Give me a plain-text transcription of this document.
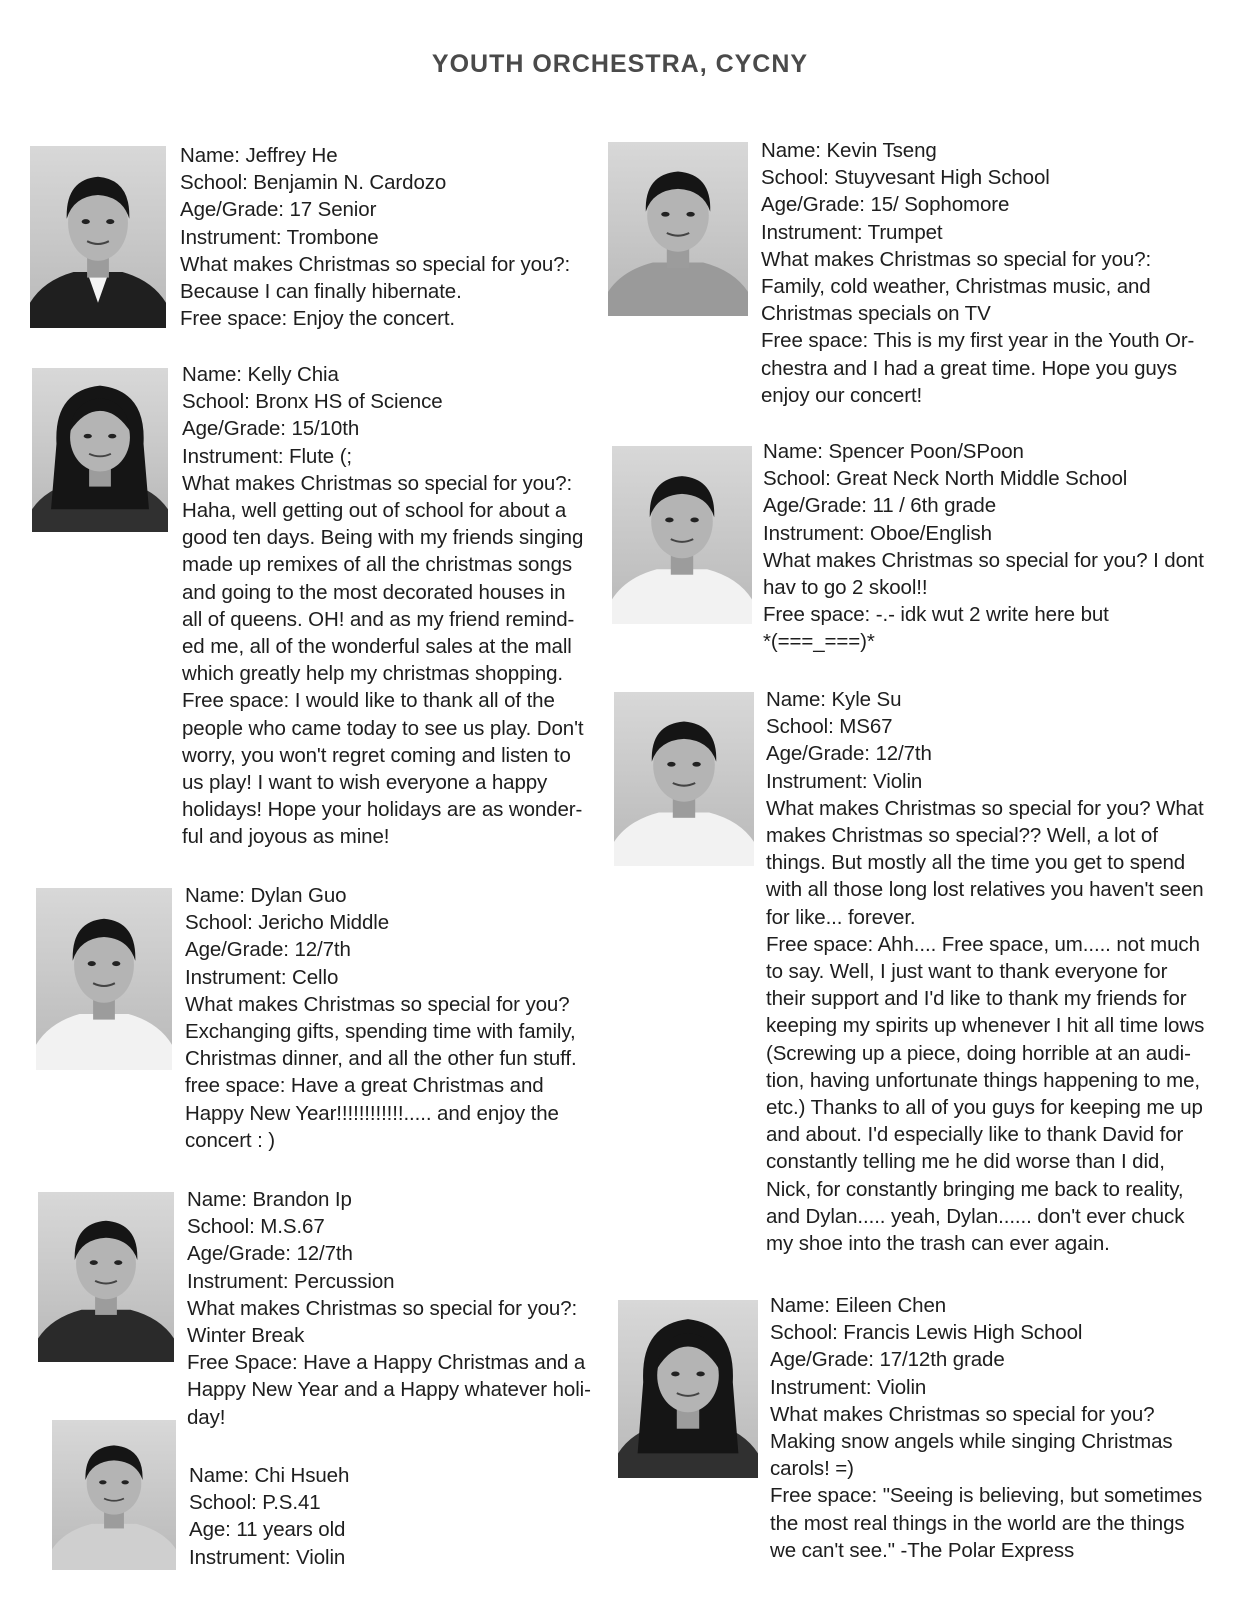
YOUTH ORCHESTRA, CYCNY
Name: Jeffrey He
School: Benjamin N. Cardozo
Age/Grade: 17 Senior
Instrument: Trombone
What makes Christmas so special for you?:
Because I can finally hibernate.
Free space: Enjoy the concert.
Name: Kelly Chia
School: Bronx HS of Science
Age/Grade: 15/10th
Instrument: Flute (;
What makes Christmas so special for you?:
Haha, well getting out of school for about a
good ten days. Being with my friends singing
made up remixes of all the christmas songs
and going to the most decorated houses in
all of queens. OH! and as my friend remind-
ed me, all of the wonderful sales at the mall
which greatly help my christmas shopping.
Free space: I would like to thank all of the
people who came today to see us play. Don't
worry, you won't regret coming and listen to
us play! I want to wish everyone a happy
holidays! Hope your holidays are as wonder-
ful and joyous as mine!
Name: Dylan Guo
School: Jericho Middle
Age/Grade: 12/7th
Instrument: Cello
What makes Christmas so special for you?
Exchanging gifts, spending time with family,
Christmas dinner, and all the other fun stuff.
free space: Have a great Christmas and
Happy New Year!!!!!!!!!!!!..... and enjoy the
concert : )
Name: Brandon Ip
School: M.S.67
Age/Grade: 12/7th
Instrument: Percussion
What makes Christmas so special for you?:
Winter Break
Free Space: Have a Happy Christmas and a
Happy New Year and a Happy whatever holi-
day!
Name: Chi Hsueh
School: P.S.41
Age: 11 years old
Instrument: Violin
Name: Kevin Tseng
School: Stuyvesant High School
Age/Grade: 15/ Sophomore
Instrument: Trumpet
What makes Christmas so special for you?:
Family, cold weather, Christmas music, and
Christmas specials on TV
Free space: This is my first year in the Youth Or-
chestra and I had a great time. Hope you guys
enjoy our concert!
Name: Spencer Poon/SPoon
School: Great Neck North Middle School
Age/Grade: 11 / 6th grade
Instrument: Oboe/English
What makes Christmas so special for you? I dont
hav to go 2 skool!!
Free space: -.- idk wut 2 write here but
*(===_===)*
Name: Kyle Su
School: MS67
Age/Grade: 12/7th
Instrument: Violin
What makes Christmas so special for you? What
makes Christmas so special?? Well, a lot of
things. But mostly all the time you get to spend
with all those long lost relatives you haven't seen
for like... forever.
Free space: Ahh.... Free space, um..... not much
to say. Well, I just want to thank everyone for
their support and I'd like to thank my friends for
keeping my spirits up whenever I hit all time lows
(Screwing up a piece, doing horrible at an audi-
tion, having unfortunate things happening to me,
etc.) Thanks to all of you guys for keeping me up
and about. I'd especially like to thank David for
constantly telling me he did worse than I did,
Nick, for constantly bringing me back to reality,
and Dylan..... yeah, Dylan...... don't ever chuck
my shoe into the trash can ever again.
Name: Eileen Chen
School: Francis Lewis High School
Age/Grade: 17/12th grade
Instrument: Violin
What makes Christmas so special for you?
Making snow angels while singing Christmas
carols! =)
Free space: "Seeing is believing, but sometimes
the most real things in the world are the things
we can't see." -The Polar Express
